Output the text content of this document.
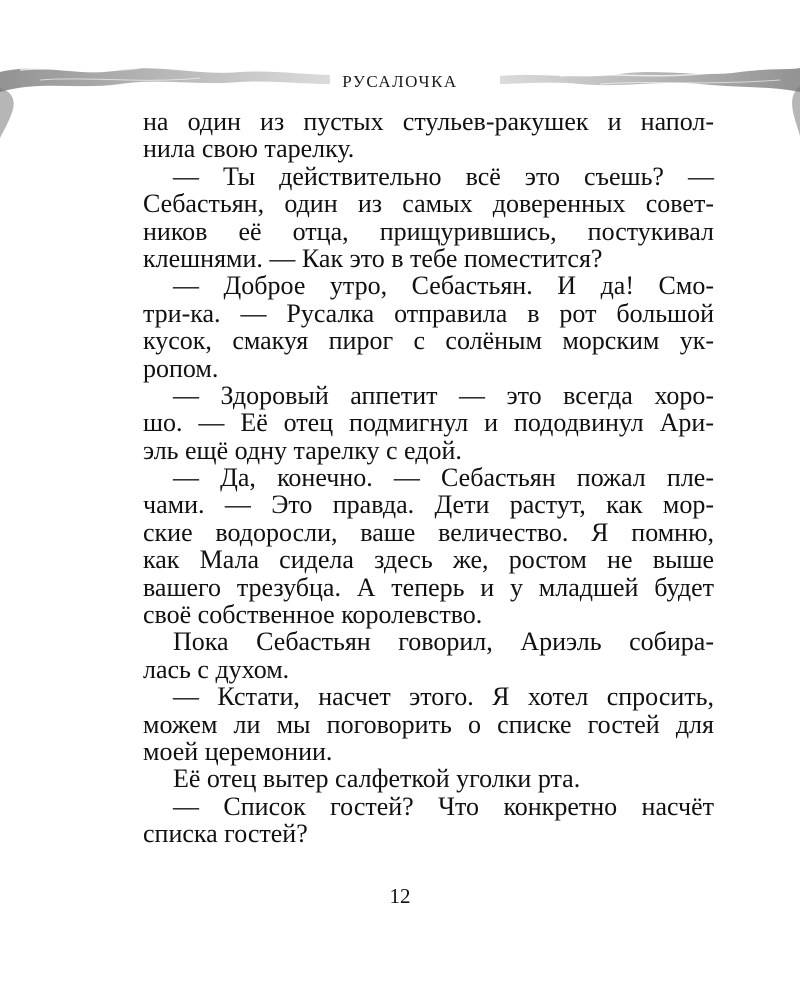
РУСАЛОЧКА
на один из пустых стульев-ракушек и напол-
нила свою тарелку.
— Ты действительно всё это съешь? —
Себастьян, один из самых доверенных совет-
ников её отца, прищурившись, постукивал
клешнями. — Как это в тебе поместится?
— Доброе утро, Себастьян. И да! Смо-
три-ка. — Русалка отправила в рот большой
кусок, смакуя пирог с солёным морским ук-
ропом.
— Здоровый аппетит — это всегда хоро-
шо. — Её отец подмигнул и пододвинул Ари-
эль ещё одну тарелку с едой.
— Да, конечно. — Себастьян пожал пле-
чами. — Это правда. Дети растут, как мор-
ские водоросли, ваше величество. Я помню,
как Мала сидела здесь же, ростом не выше
вашего трезубца. А теперь и у младшей будет
своё собственное королевство.
Пока Себастьян говорил, Ариэль собира-
лась с духом.
— Кстати, насчет этого. Я хотел спросить,
можем ли мы поговорить о списке гостей для
моей церемонии.
Её отец вытер салфеткой уголки рта.
— Список гостей? Что конкретно насчёт
списка гостей?
12
